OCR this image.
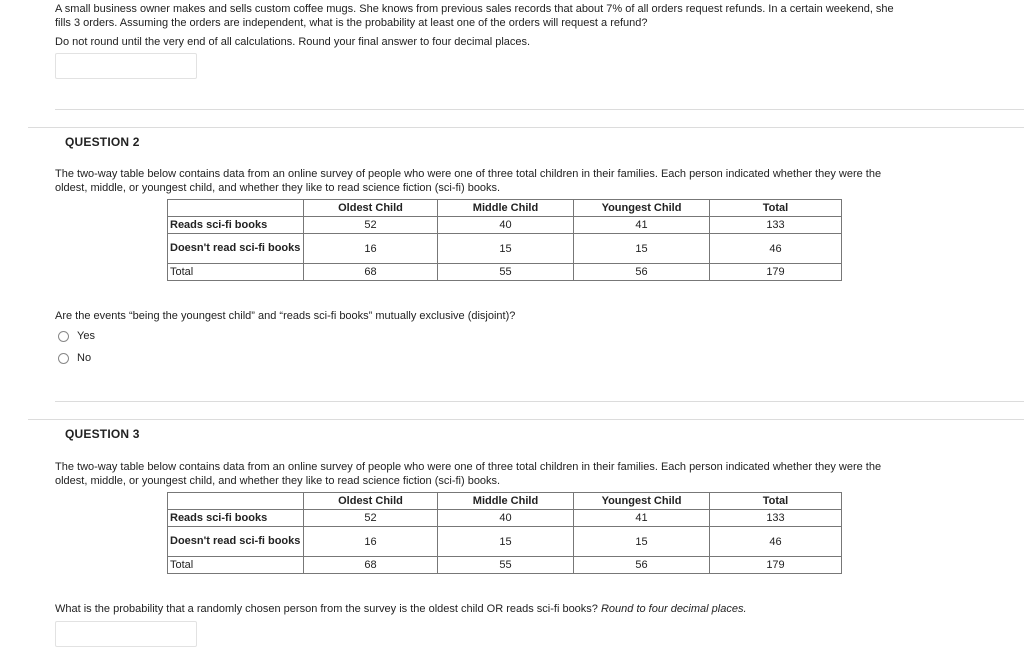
A small business owner makes and sells custom coffee mugs. She knows from previous sales records that about 7% of all orders request refunds. In a certain weekend, she
fills 3 orders. Assuming the orders are independent, what is the probability at least one of the orders will request a refund?
Do not round until the very end of all calculations. Round your final answer to four decimal places.
QUESTION 2
The two-way table below contains data from an online survey of people who were one of three total children in their families. Each person indicated whether they were the
oldest, middle, or youngest child, and whether they like to read science fiction (sci-fi) books.
	Oldest Child	Middle Child	Youngest Child	Total
Reads sci-fi books	52	40	41	133
Doesn't read sci-fi books	16	15	15	46
Total	68	55	56	179
Are the events “being the youngest child” and “reads sci-fi books” mutually exclusive (disjoint)?
Yes
No
QUESTION 3
The two-way table below contains data from an online survey of people who were one of three total children in their families. Each person indicated whether they were the
oldest, middle, or youngest child, and whether they like to read science fiction (sci-fi) books.
	Oldest Child	Middle Child	Youngest Child	Total
Reads sci-fi books	52	40	41	133
Doesn't read sci-fi books	16	15	15	46
Total	68	55	56	179
What is the probability that a randomly chosen person from the survey is the oldest child OR reads sci-fi books? Round to four decimal places.
